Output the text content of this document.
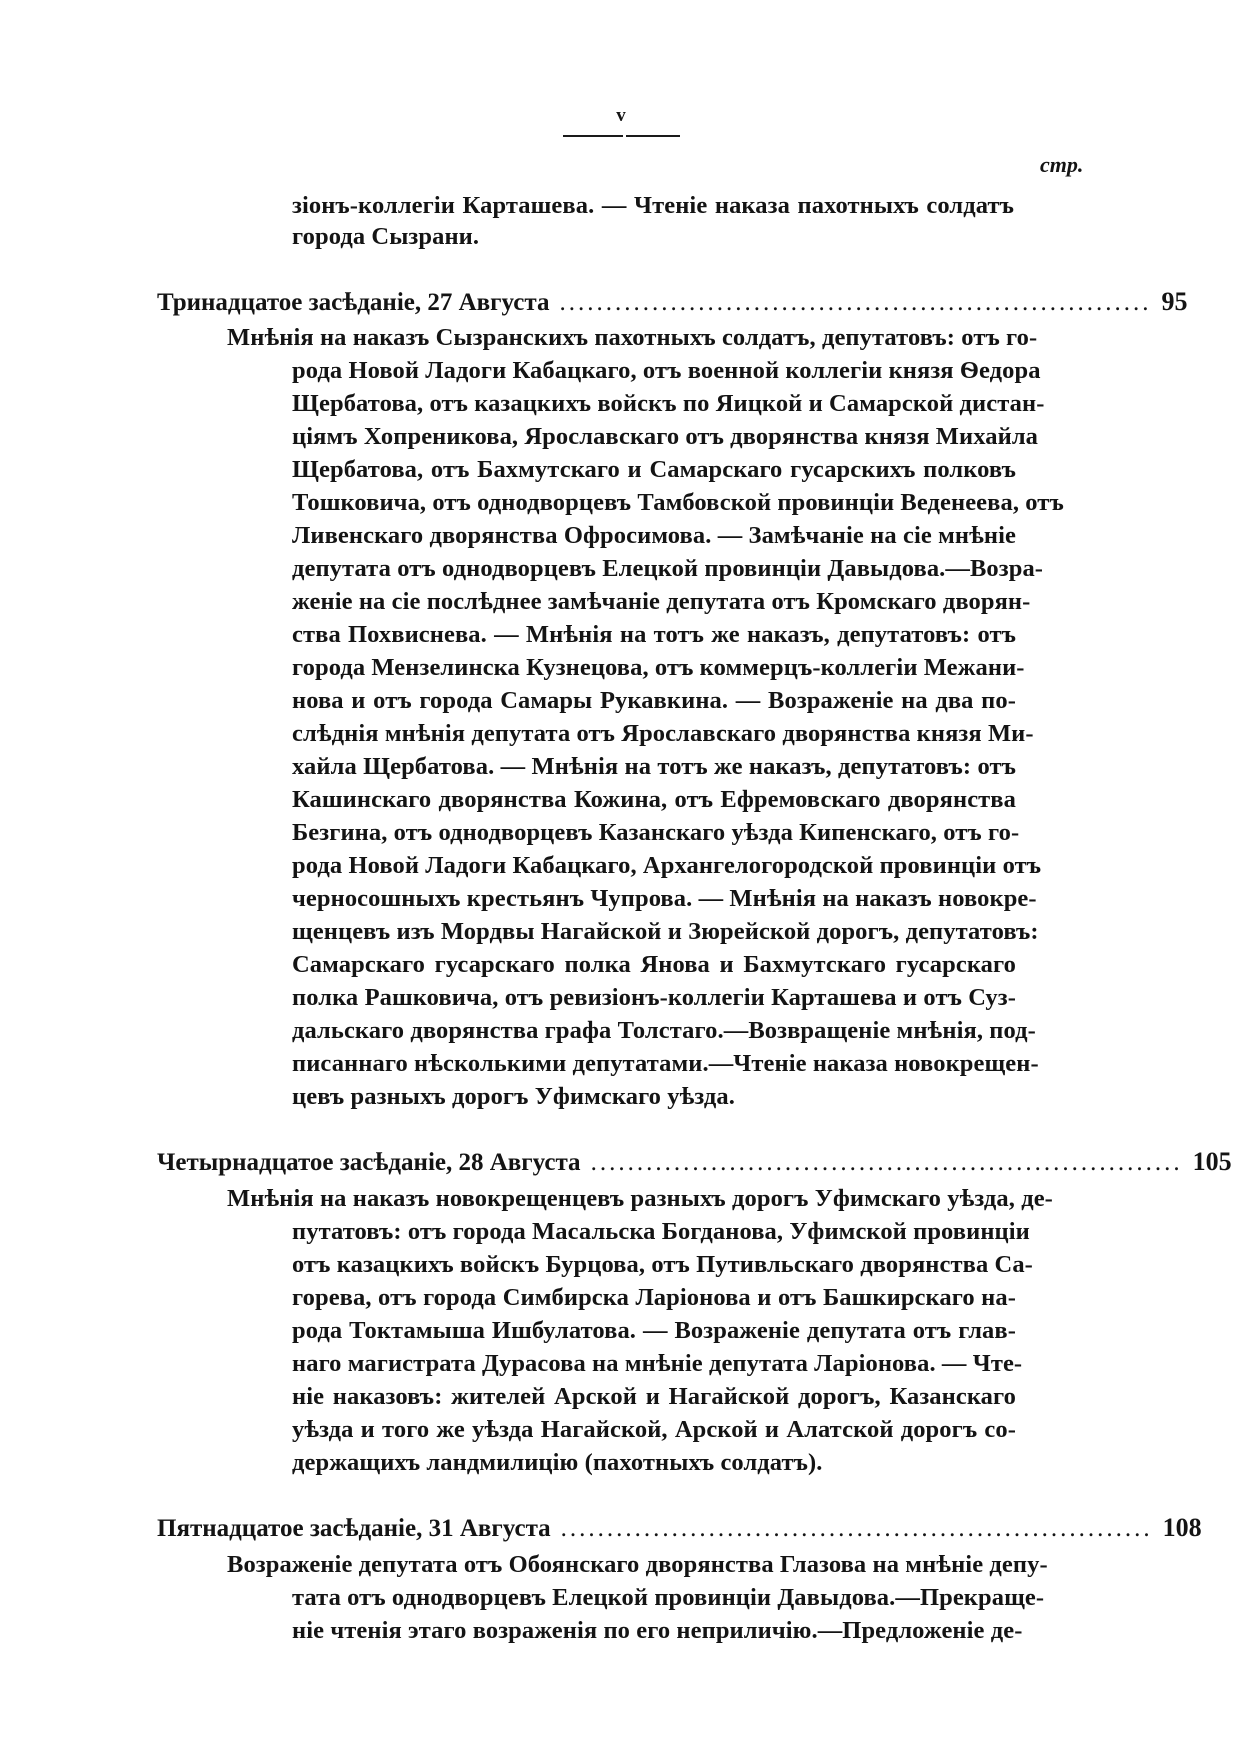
v
стр.

зіонъ-коллегіи Карташева. — Чтеніе наказа пахотныхъ солдатъ

города Сызрани.

Тринадцатое засѣданіе, 27 Августа ................................................................ 95

Мнѣнія на наказъ Сызранскихъ пахотныхъ солдатъ, депутатовъ: отъ го-

рода Новой Ладоги Кабацкаго, отъ военной коллегіи князя Ѳедора

Щербатова, отъ казацкихъ войскъ по Яицкой и Самарской дистан-

ціямъ Хопреникова, Ярославскаго отъ дворянства князя Михайла

Щербатова, отъ Бахмутскаго и Самарскаго гусарскихъ полковъ

Тошковича, отъ однодворцевъ Тамбовской провинціи Веденеева, отъ

Ливенскаго дворянства Офросимова. — Замѣчаніе на сіе мнѣніе

депутата отъ однодворцевъ Елецкой провинціи Давыдова.—Возра-

женіе на сіе послѣднее замѣчаніе депутата отъ Кромскаго дворян-

ства Похвиснева. — Мнѣнія на тотъ же наказъ, депутатовъ: отъ

города Мензелинска Кузнецова, отъ коммерцъ-коллегіи Межани-

нова и отъ города Самары Рукавкина. — Возраженіе на два по-

слѣднія мнѣнія депутата отъ Ярославскаго дворянства князя Ми-

хайла Щербатова. — Мнѣнія на тотъ же наказъ, депутатовъ: отъ

Кашинскаго дворянства Кожина, отъ Ефремовскаго дворянства

Безгина, отъ однодворцевъ Казанскаго уѣзда Кипенскаго, отъ го-

рода Новой Ладоги Кабацкаго, Архангелогородской провинціи отъ

черносошныхъ крестьянъ Чупрова. — Мнѣнія на наказъ новокре-

щенцевъ изъ Мордвы Нагайской и Зюрейской дорогъ, депутатовъ:

Самарскаго гусарскаго полка Янова и Бахмутскаго гусарскаго

полка Рашковича, отъ ревизіонъ-коллегіи Карташева и отъ Суз-

дальскаго дворянства графа Толстаго.—Возвращеніе мнѣнія, под-

писаннаго нѣсколькими депутатами.—Чтеніе наказа новокрещен-

цевъ разныхъ дорогъ Уфимскаго уѣзда.

Четырнадцатое засѣданіе, 28 Августа ................................................................ 105

Мнѣнія на наказъ новокрещенцевъ разныхъ дорогъ Уфимскаго уѣзда, де-

путатовъ: отъ города Масальска Богданова, Уфимской провинціи

отъ казацкихъ войскъ Бурцова, отъ Путивльскаго дворянства Са-

горева, отъ города Симбирска Ларіонова и отъ Башкирскаго на-

рода Токтамыша Ишбулатова. — Возраженіе депутата отъ глав-

наго магистрата Дурасова на мнѣніе депутата Ларіонова. — Чте-

ніе наказовъ: жителей Арской и Нагайской дорогъ, Казанскаго

уѣзда и того же уѣзда Нагайской, Арской и Алатской дорогъ со-

держащихъ ландмилицію (пахотныхъ солдатъ).

Пятнадцатое засѣданіе, 31 Августа ................................................................ 108

Возраженіе депутата отъ Обоянскаго дворянства Глазова на мнѣніе депу-

тата отъ однодворцевъ Елецкой провинціи Давыдова.—Прекраще-

ніе чтенія этаго возраженія по его неприличію.—Предложеніе де-
